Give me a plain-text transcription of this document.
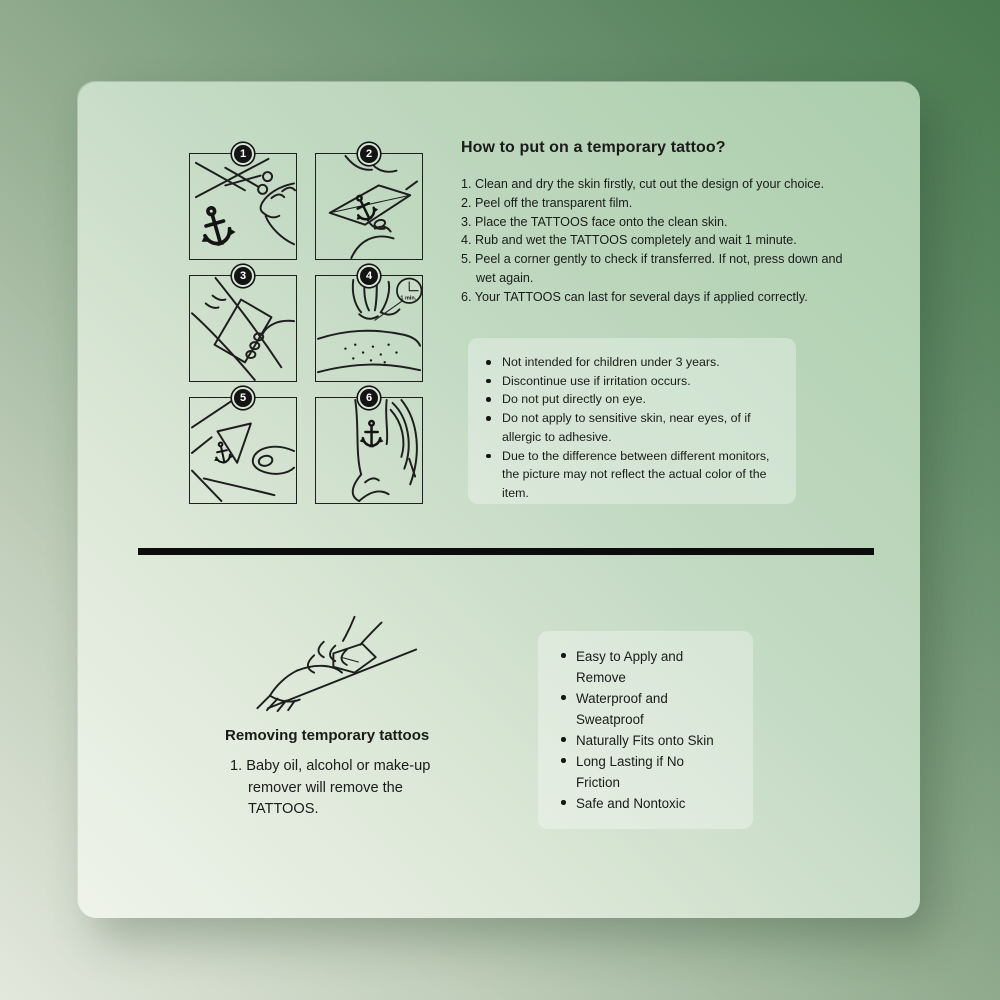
1	2
3	4
1 min.
5	6
How to put on a temporary tattoo?
1. Clean and dry the skin firstly, cut out the design of your choice.
2. Peel off the transparent film.
3. Place the TATTOOS face onto the clean skin.
4. Rub and wet the TATTOOS completely and wait 1 minute.
5. Peel a corner gently to check if transferred. If not, press down and wet again.
6. Your TATTOOS can last for several days if applied correctly.
Not intended for children under 3 years.
Discontinue use if irritation occurs.
Do not put directly on eye.
Do not apply to sensitive skin, near eyes, of if allergic to adhesive.
Due to the difference between different monitors, the picture may not reflect the actual color of the item.
Removing temporary tattoos
1. Baby oil, alcohol or make-up remover will remove the TATTOOS.
Easy to Apply and Remove
Waterproof and Sweatproof
Naturally Fits onto Skin
Long Lasting if No Friction
Safe and Nontoxic
